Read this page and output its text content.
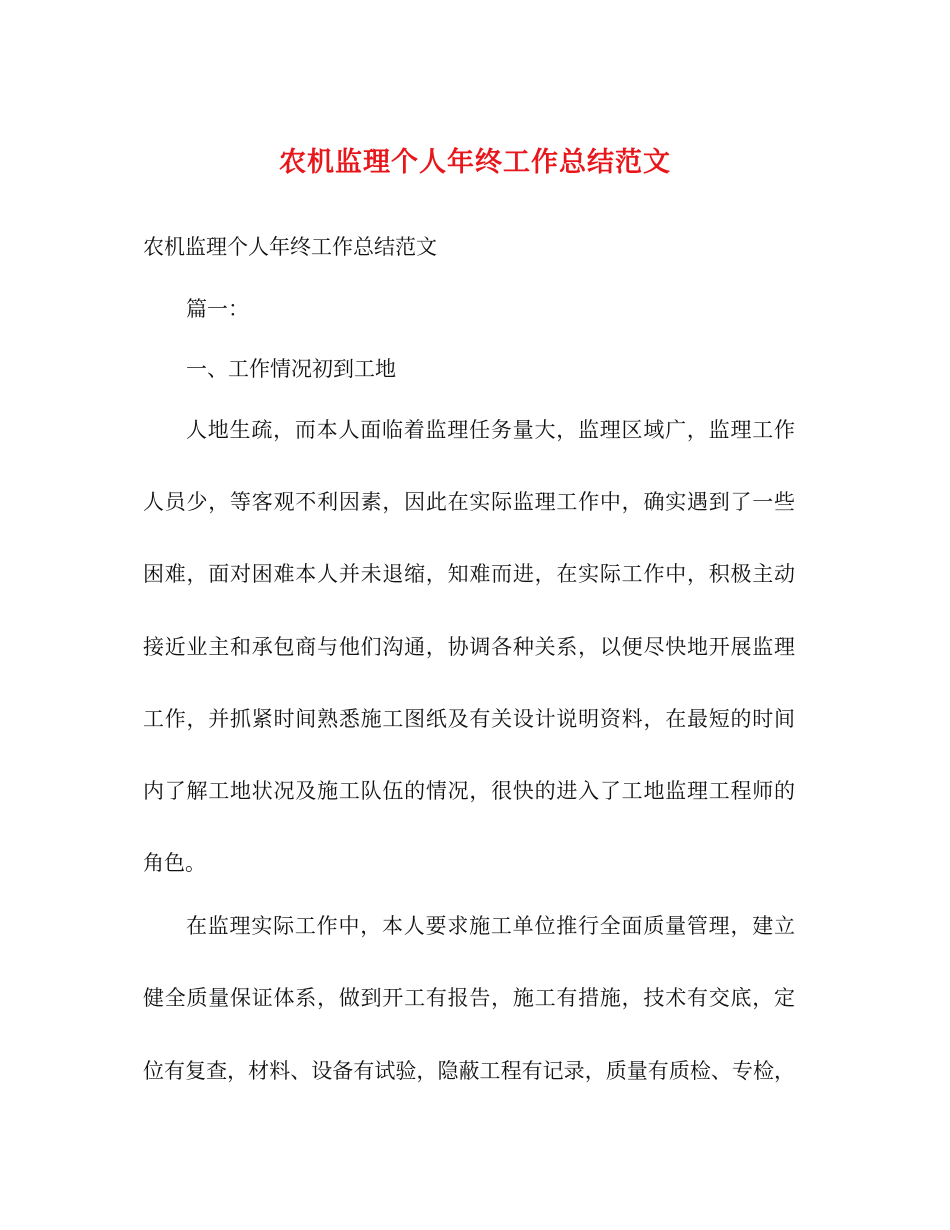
农机监理个人年终工作总结范文
农机监理个人年终工作总结范文
篇一：
一、工作情况初到工地
人地生疏，而本人面临着监理任务量大，监理区域广，监理工作
人员少，等客观不利因素，因此在实际监理工作中，确实遇到了一些
困难，面对困难本人并未退缩，知难而进，在实际工作中，积极主动
接近业主和承包商与他们沟通，协调各种关系，以便尽快地开展监理
工作，并抓紧时间熟悉施工图纸及有关设计说明资料，在最短的时间
内了解工地状况及施工队伍的情况，很快的进入了工地监理工程师的
角色。
在监理实际工作中，本人要求施工单位推行全面质量管理，建立
健全质量保证体系，做到开工有报告，施工有措施，技术有交底，定
位有复查，材料、设备有试验，隐蔽工程有记录，质量有质检、专检，
